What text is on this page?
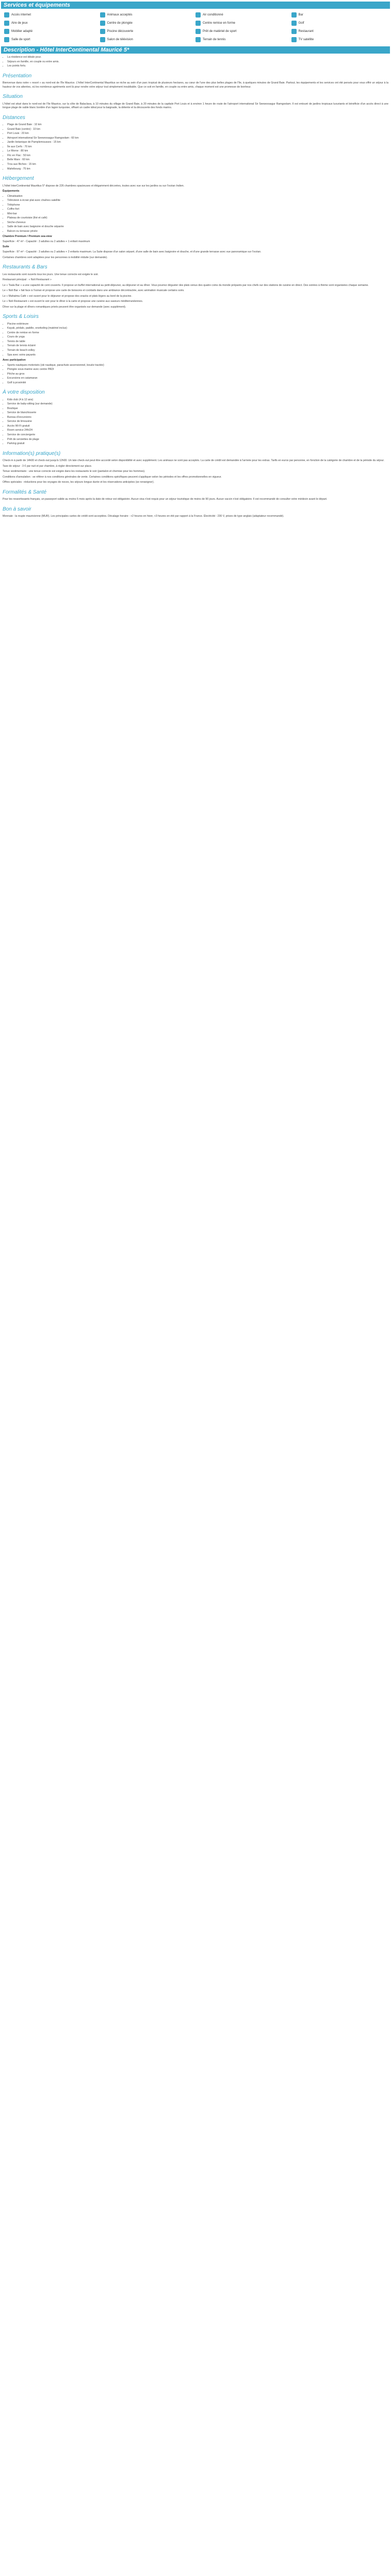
Services et équipements
Accès internet	Animaux acceptés	Air conditionné	Bar
Aire de jeux	Centre de plongée	Centre remise en forme	Golf
Mobilier adapté	Piscine découverte	Prêt de matériel de sport	Restaurant
Salle de sport	Salon de télévision	Terrain de tennis	TV satellite
Description - Hôtel InterContinental Mauricé 5*
• La résidence est idéale pour.
• Séjours en famille, en couple ou entre amis.
• Les points forts.
Présentation

Bienvenue dans notre « resort » au nord-est de l'île Maurice. L'hôtel InterContinental Mauritius se niche au sein d'un parc tropical de plusieurs hectares, au cœur de l'une des plus belles plages de l'île, à quelques minutes de Grand Baie. Partout, les équipements et les services ont été pensés pour vous offrir un séjour à la hauteur de vos attentes, où les nombreux agréments sont là pour rendre votre séjour tout simplement inoubliable. Que ce soit en famille, en couple ou entre amis, chaque moment est une promesse de bonheur.

Situation

L'hôtel est situé dans le nord-est de l'île Maurice, sur la côte de Balaclava, à 10 minutes du village de Grand Baie, à 20 minutes de la capitale Port Louis et à environ 1 heure de route de l'aéroport international Sir Seewoosagur Ramgoolam. Il est entouré de jardins tropicaux luxuriants et bénéficie d'un accès direct à une longue plage de sable blanc bordée d'un lagon turquoise, offrant un cadre idéal pour la baignade, la détente et la découverte des fonds marins.

Distances
• Plage de Grand Baie : 10 km
• Grand Baie (centre) : 10 km
• Port Louis : 20 km
• Aéroport international Sir Seewoosagur Ramgoolam : 60 km
• Jardin botanique de Pamplemousses : 15 km
• Île aux Cerfs : 70 km
• Le Morne : 80 km
• Flic en Flac : 50 km
• Belle Mare : 60 km
• Trou aux Biches : 15 km
• Mahébourg : 75 km
Hébergement

L'hôtel InterContinental Mauritius 5* dispose de 226 chambres spacieuses et élégamment décorées, toutes avec vue sur les jardins ou sur l'océan Indien.

Équipements
• Climatisation
• Télévision à écran plat avec chaînes satellite
• Téléphone
• Coffre-fort
• Mini-bar
• Plateau de courtoisie (thé et café)
• Sèche-cheveux
• Salle de bain avec baignoire et douche séparée
• Balcon ou terrasse privée
Chambre Premium / Premium sea-view

Superficie : 47 m² - Capacité : 3 adultes ou 2 adultes + 1 enfant maximum

Suite

Superficie : 97 m² - Capacité : 3 adultes ou 2 adultes + 2 enfants maximum. La Suite dispose d'un salon séparé, d'une salle de bain avec baignoire et douche, et d'une grande terrasse avec vue panoramique sur l'océan.

Certaines chambres sont adaptées pour les personnes à mobilité réduite (sur demande).

Restaurants & Bars

Les restaurants sont ouverts tous les jours. Une tenue correcte est exigée le soir.

Restaurant principal : « Noli Restaurant »

Le « Tsala Bar » a une capacité de cent couverts. Il propose un buffet international au petit-déjeuner, au déjeuner et au dîner. Vous pourrez déguster des plats venus des quatre coins du monde préparés par nos chefs sur des stations de cuisine en direct. Des soirées à thème sont organisées chaque semaine.

Le « Noli Bar » fait face à l'océan et propose une carte de boissons et cocktails dans une ambiance décontractée, avec animation musicale certains soirs.

Le « Mahatma Café » est ouvert pour le déjeuner et propose des snacks et plats légers au bord de la piscine.

Le « Noli Restaurant » est ouvert le soir pour le dîner à la carte et propose une cuisine aux saveurs méditerranéennes.

Dîner sur la plage et dîners romantiques privés peuvent être organisés sur demande (avec supplément).

Sports & Loisirs
• Piscine extérieure
• Kayak, pédalo, paddle, snorkeling (matériel inclus)
• Centre de remise en forme
• Cours de yoga
• Tennis de table
• Terrain de tennis éclairé
• Terrain de beach-volley
• Spa avec soins payants
Avec participation
• Sports nautiques motorisés (ski nautique, parachute ascensionnel, bouée tractée)
• Plongée sous-marine avec centre PADI
• Pêche au gros
• Excursions en catamaran
• Golf à proximité
À votre disposition
• Kids club (4 à 12 ans)
• Service de baby-sitting (sur demande)
• Boutique
• Service de blanchisserie
• Bureau d'excursions
• Service de limousine
• Accès Wi-Fi gratuit
• Room service 24h/24
• Service de conciergerie
• Prêt de serviettes de plage
• Parking gratuit
Information(s) pratique(s)

Check-in à partir de 14h00 et check-out jusqu'à 12h00. Un late check-out peut être accordé selon disponibilité et avec supplément. Les animaux ne sont pas acceptés. La carte de crédit est demandée à l'arrivée pour les extras. Tarifs en euros par personne, en fonction de la catégorie de chambre et de la période du séjour.

Taxe de séjour : 3 € par nuit et par chambre, à régler directement sur place.

Tenue vestimentaire : une tenue correcte est exigée dans les restaurants le soir (pantalon et chemise pour les hommes).

Conditions d'annulation : se référer à nos conditions générales de vente. Certaines conditions spécifiques peuvent s'appliquer selon les périodes et les offres promotionnelles en vigueur.

Offres spéciales : réductions pour les voyages de noces, les séjours longue durée et les réservations anticipées (se renseigner).

Formalités & Santé

Pour les ressortissants français, un passeport valide au moins 6 mois après la date de retour est obligatoire. Aucun visa n'est requis pour un séjour touristique de moins de 90 jours. Aucun vaccin n'est obligatoire. Il est recommandé de consulter votre médecin avant le départ.

Bon à savoir

Monnaie : la roupie mauricienne (MUR). Les principales cartes de crédit sont acceptées. Décalage horaire : +2 heures en hiver, +3 heures en été par rapport à la France. Électricité : 230 V, prises de type anglais (adaptateur recommandé).
